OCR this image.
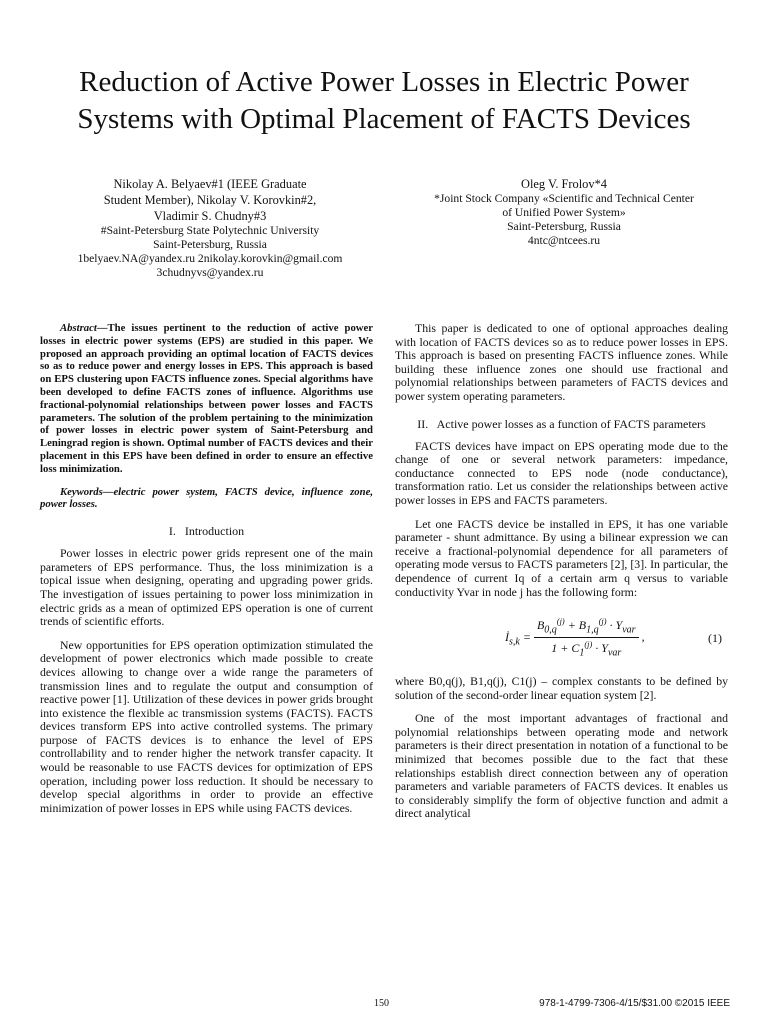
Reduction of Active Power Losses in Electric Power Systems with Optimal Placement of FACTS Devices
Nikolay A. Belyaev#1 (IEEE Graduate
Student Member), Nikolay V. Korovkin#2,
Vladimir S. Chudny#3
#Saint-Petersburg State Polytechnic University
Saint-Petersburg, Russia
1belyaev.NA@yandex.ru 2nikolay.korovkin@gmail.com
3chudnyvs@yandex.ru
Oleg V. Frolov*4
*Joint Stock Company «Scientific and Technical Center
of Unified Power System»
Saint-Petersburg, Russia
4ntc@ntcees.ru

Abstract—The issues pertinent to the reduction of active power losses in electric power systems (EPS) are studied in this paper. We proposed an approach providing an optimal location of FACTS devices so as to reduce power and energy losses in EPS. This approach is based on EPS clustering upon FACTS influence zones. Special algorithms have been developed to define FACTS zones of influence. Algorithms use fractional-polynomial relationships between power losses and FACTS parameters. The solution of the problem pertaining to the minimization of power losses in electric power system of Saint-Petersburg and Leningrad region is shown. Optimal number of FACTS devices and their placement in this EPS have been defined in order to ensure an effective loss minimization.

Keywords—electric power system, FACTS device, influence zone, power losses.

I. Introduction

Power losses in electric power grids represent one of the main parameters of EPS performance. Thus, the loss minimization is a topical issue when designing, operating and upgrading power grids. The investigation of issues pertaining to power loss minimization in electric grids as a mean of optimized EPS operation is one of current trends of scientific efforts.

New opportunities for EPS operation optimization stimulated the development of power electronics which made possible to create devices allowing to change over a wide range the parameters of transmission lines and to regulate the output and consumption of reactive power [1]. Utilization of these devices in power grids brought into existence the flexible ac transmission systems (FACTS). FACTS devices transform EPS into active controlled systems. The primary purpose of FACTS devices is to enhance the level of EPS controllability and to render higher the network transfer capacity. It would be reasonable to use FACTS devices for optimization of EPS operation, including power loss reduction. It should be necessary to develop special algorithms in order to provide an effective minimization of power losses in EPS while using FACTS devices.

This paper is dedicated to one of optional approaches dealing with location of FACTS devices so as to reduce power losses in EPS. This approach is based on presenting FACTS influence zones. While building these influence zones one should use fractional and polynomial relationships between parameters of FACTS devices and power system operating parameters.

II. Active power losses as a function of FACTS parameters

FACTS devices have impact on EPS operating mode due to the change of one or several network parameters: impedance, conductance connected to EPS node (node conductance), transformation ratio. Let us consider the relationships between active power losses in EPS and FACTS parameters.

Let one FACTS device be installed in EPS, it has one variable parameter - shunt admittance. By using a bilinear expression we can receive a fractional-polynomial dependence for all parameters of operating mode versus to FACTS parameters [2], [3]. In particular, the dependence of current Iq of a certain arm q versus to variable conductivity Yvar in node j has the following form:

$İ_{s,k} = \frac{B_{0,q}^{(j)} + B_{1,q}^{(j)} \cdot Y_{var}}{1 + C_1^{(j)} \cdot Y_{var}}$ ,	(1)

where B0,q(j), B1,q(j), C1(j) – complex constants to be defined by solution of the second-order linear equation system [2].

One of the most important advantages of fractional and polynomial relationships between operating mode and network parameters is their direct presentation in notation of a functional to be minimized that becomes possible due to the fact that these relationships establish direct connection between any of operation parameters and variable parameters of FACTS devices. It enables us to considerably simplify the form of objective function and admit a direct analytical

150	978-1-4799-7306-4/15/$31.00 ©2015 IEEE
